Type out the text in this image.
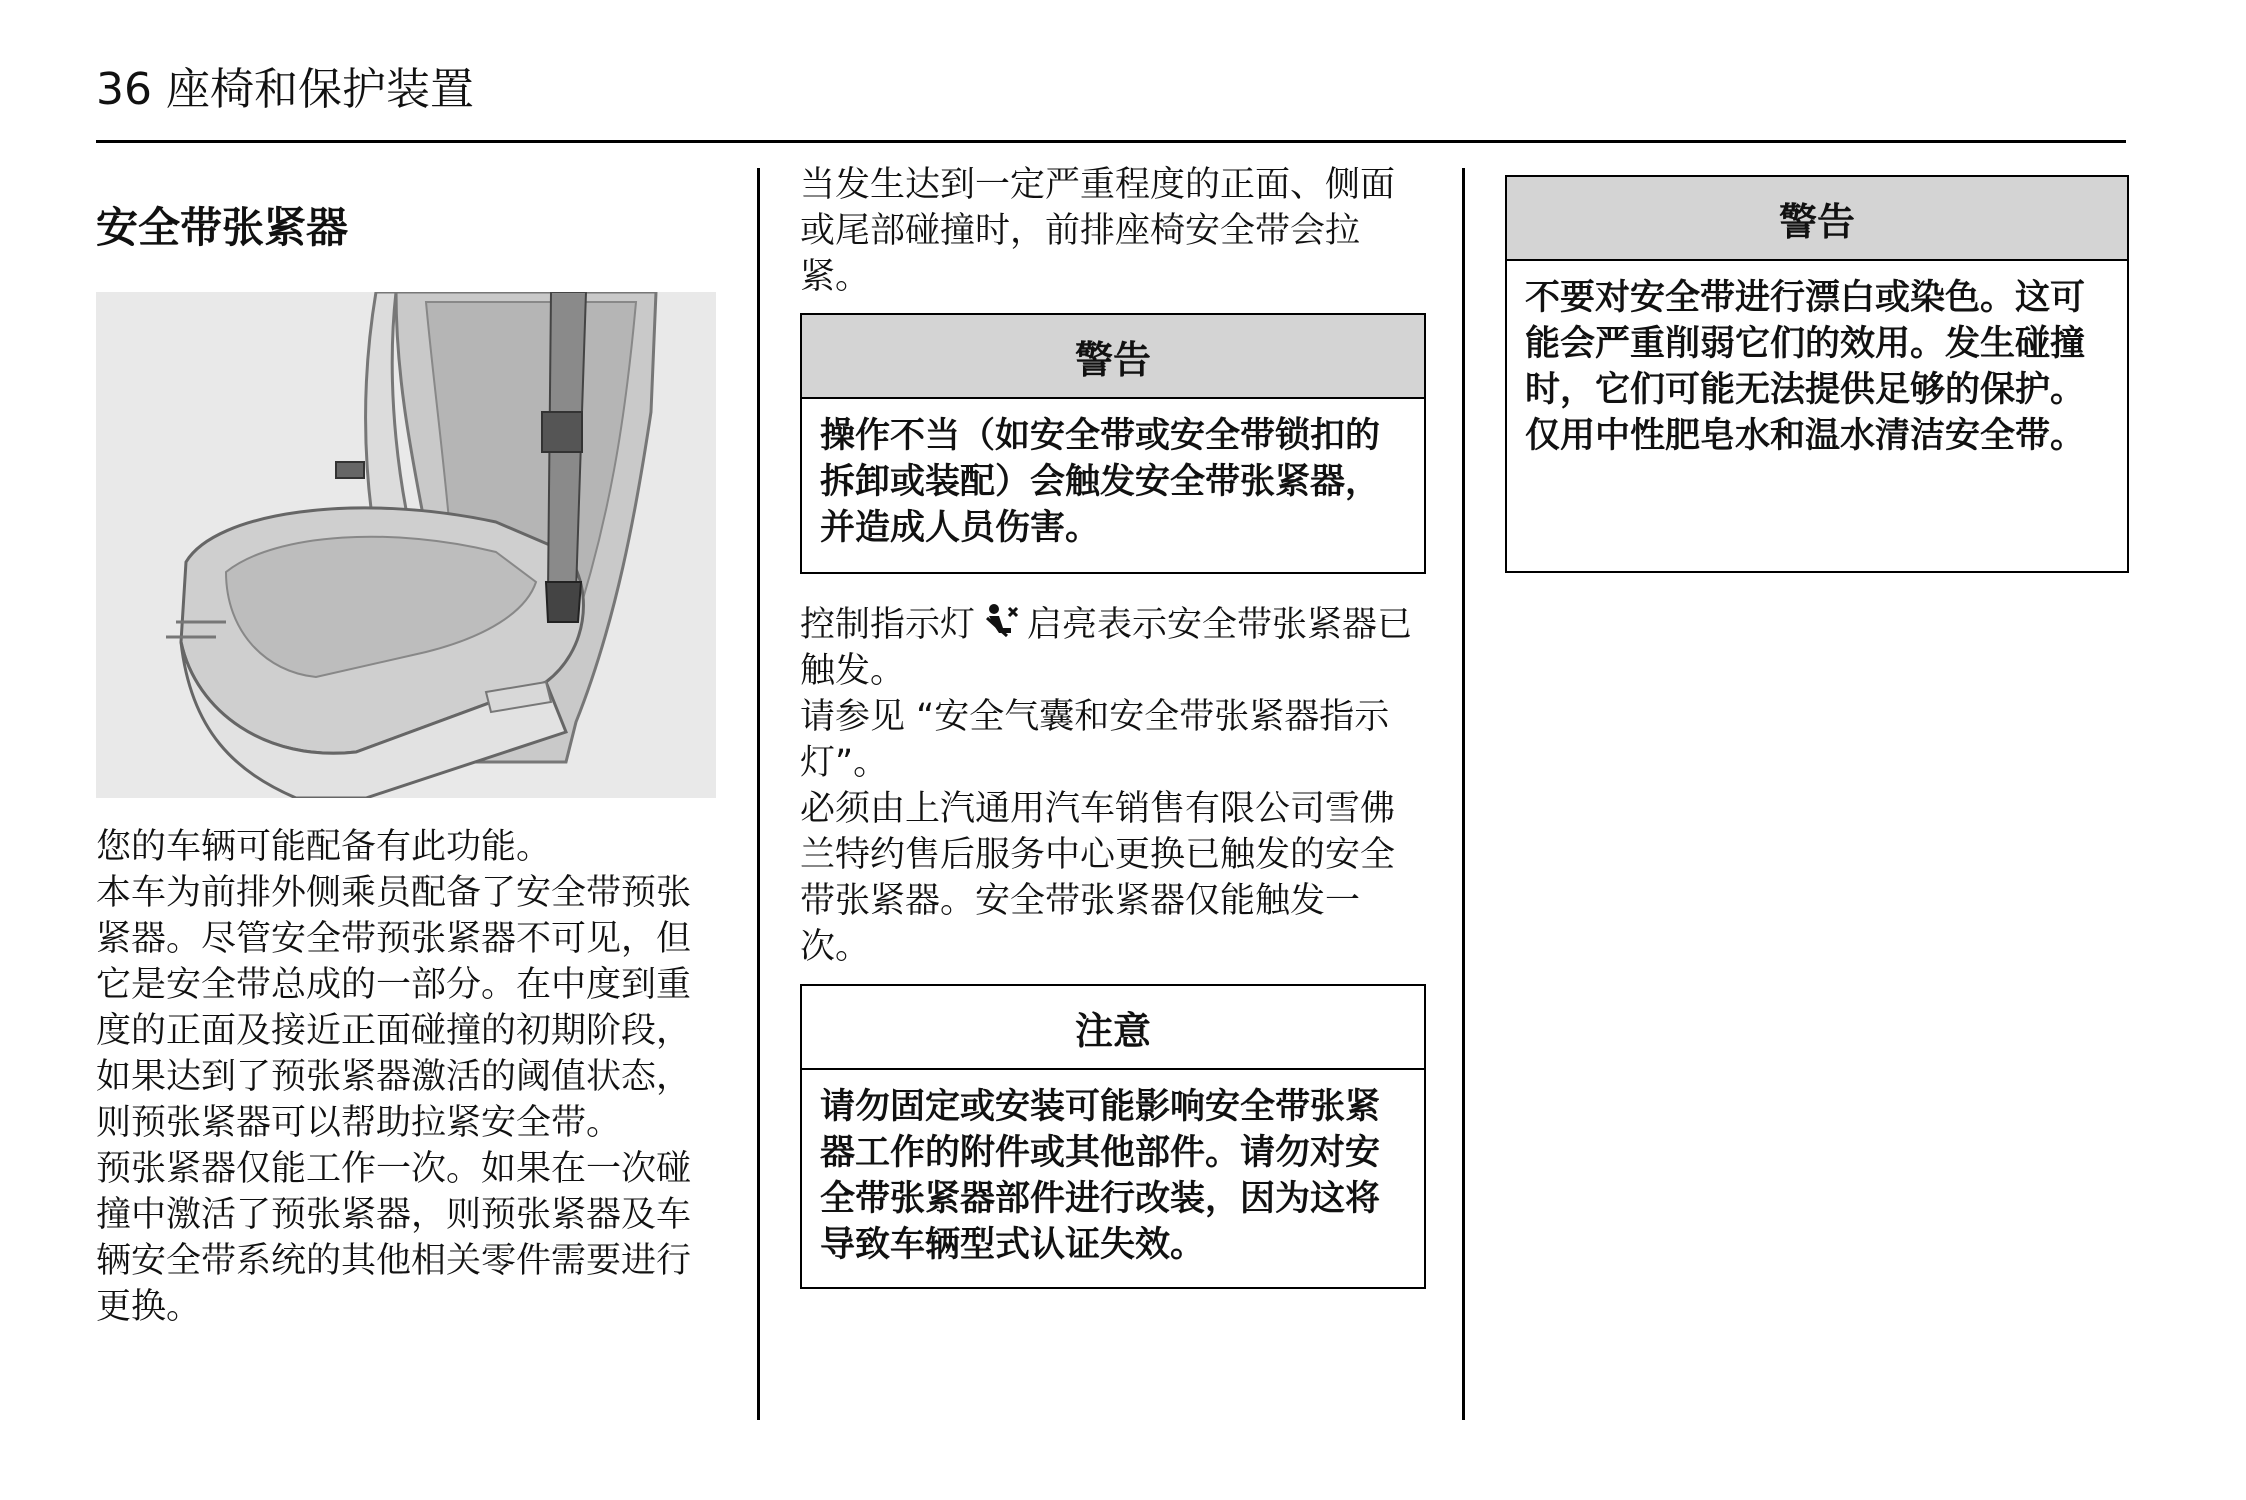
36 座椅和保护装置
安全带张紧器

您的车辆可能配备有此功能。

本车为前排外侧乘员配备了安全带预张紧器。尽管安全带预张紧器不可见，但它是安全带总成的一部分。在中度到重度的正面及接近正面碰撞的初期阶段，如果达到了预张紧器激活的阈值状态，则预张紧器可以帮助拉紧安全带。

预张紧器仅能工作一次。如果在一次碰撞中激活了预张紧器，则预张紧器及车辆安全带系统的其他相关零件需要进行更换。

当发生达到一定严重程度的正面、侧面或尾部碰撞时，前排座椅安全带会拉紧。

警告
操作不当（如安全带或安全带锁扣的拆卸或装配）会触发安全带张紧器，并造成人员伤害。

控制指示灯 启亮表示安全带张紧器已触发。

请参见 “安全气囊和安全带张紧器指示灯”。

必须由上汽通用汽车销售有限公司雪佛兰特约售后服务中心更换已触发的安全带张紧器。安全带张紧器仅能触发一次。

注意
请勿固定或安装可能影响安全带张紧器工作的附件或其他部件。请勿对安全带张紧器部件进行改装，因为这将导致车辆型式认证失效。
警告
不要对安全带进行漂白或染色。这可能会严重削弱它们的效用。发生碰撞时，它们可能无法提供足够的保护。
仅用中性肥皂水和温水清洁安全带。
